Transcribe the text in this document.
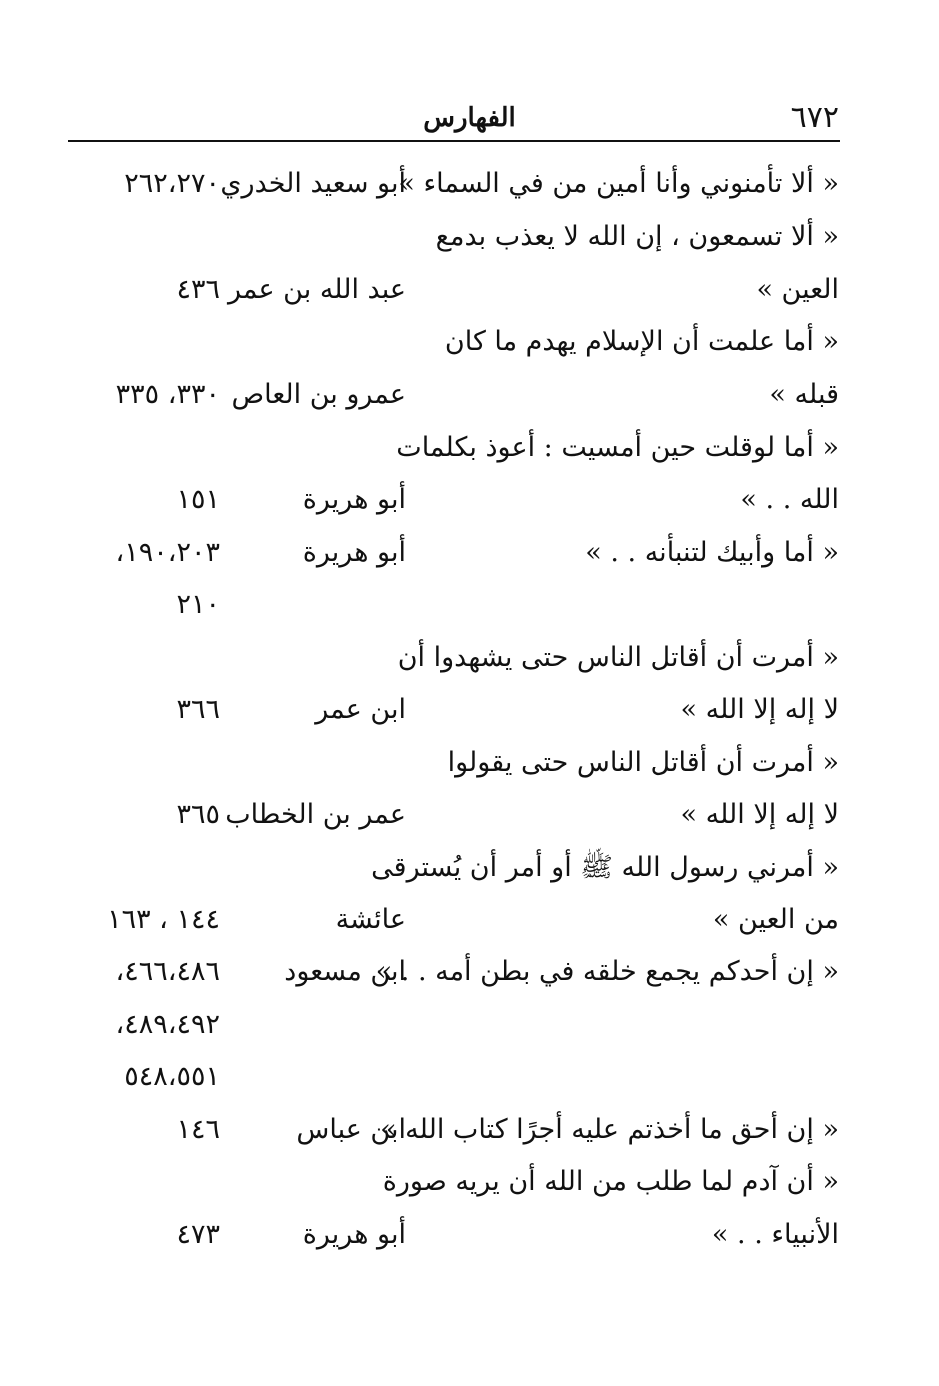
٦٧٢
الفهارس
« ألا تأمنوني وأنا أمين من في السماء »
أبو سعيد الخدري
٢٦٢،٢٧٠
« ألا تسمعون ، إن الله لا يعذب بدمع
العين »
عبد الله بن عمر
٤٣٦
« أما علمت أن الإسلام يهدم ما كان
قبله »
عمرو بن العاص
٣٣٠، ٣٣٥
« أما لوقلت حين أمسيت : أعوذ بكلمات
الله . . »
أبو هريرة
١٥١
« أما وأبيك لتنبأنه . . »
أبو هريرة
١٩٠،٢٠٣،
٢١٠
« أمرت أن أقاتل الناس حتى يشهدوا أن
لا إله إلا الله »
ابن عمر
٣٦٦
« أمرت أن أقاتل الناس حتى يقولوا
لا إله إلا الله »
عمر بن الخطاب
٣٦٥
« أمرني رسول الله ﷺ أو أمر أن يُسترقى
من العين »
عائشة
١٤٤ ، ١٦٣
« إن أحدكم يجمع خلقه في بطن أمه . . »
ابن مسعود
٤٦٦،٤٨٦،
٤٨٩،٤٩٢،
٥٤٨،٥٥١
« إن أحق ما أخذتم عليه أجرًا كتاب الله »
ابن عباس
١٤٦
« أن آدم لما طلب من الله أن يريه صورة
الأنبياء . . »
أبو هريرة
٤٧٣
